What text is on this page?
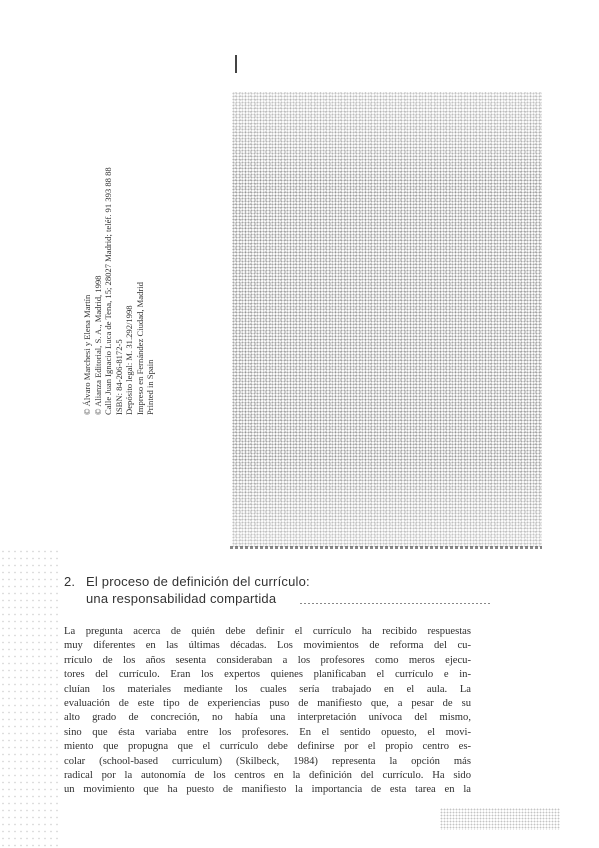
© Álvaro Marchesi y Elena Martín © Alianza Editorial, S. A., Madrid, 1998 Calle Juan Ignacio Luca de Tena, 15; 28027 Madrid; teléf. 91 393 88 88 ISBN: 84-206-8172-5 Depósito legal: M. 31.292/1998 Impreso en Fernández Ciudad, Madrid Printed in Spain
2. El proceso de definición del currículo:
una responsabilidad compartida
La pregunta acerca de quién debe definir el currículo ha recibido respuestas
muy diferentes en las últimas décadas. Los movimientos de reforma del cu-
rrículo de los años sesenta consideraban a los profesores como meros ejecu-
tores del currículo. Eran los expertos quienes planificaban el currículo e in-
cluían los materiales mediante los cuales sería trabajado en el aula. La
evaluación de este tipo de experiencias puso de manifiesto que, a pesar de su
alto grado de concreción, no había una interpretación unívoca del mismo,
sino que ésta variaba entre los profesores. En el sentido opuesto, el movi-
miento que propugna que el currículo debe definirse por el propio centro es-
colar (school-based curriculum) (Skilbeck, 1984) representa la opción más
radical por la autonomía de los centros en la definición del currículo. Ha sido
un movimiento que ha puesto de manifiesto la importancia de esta tarea en la
